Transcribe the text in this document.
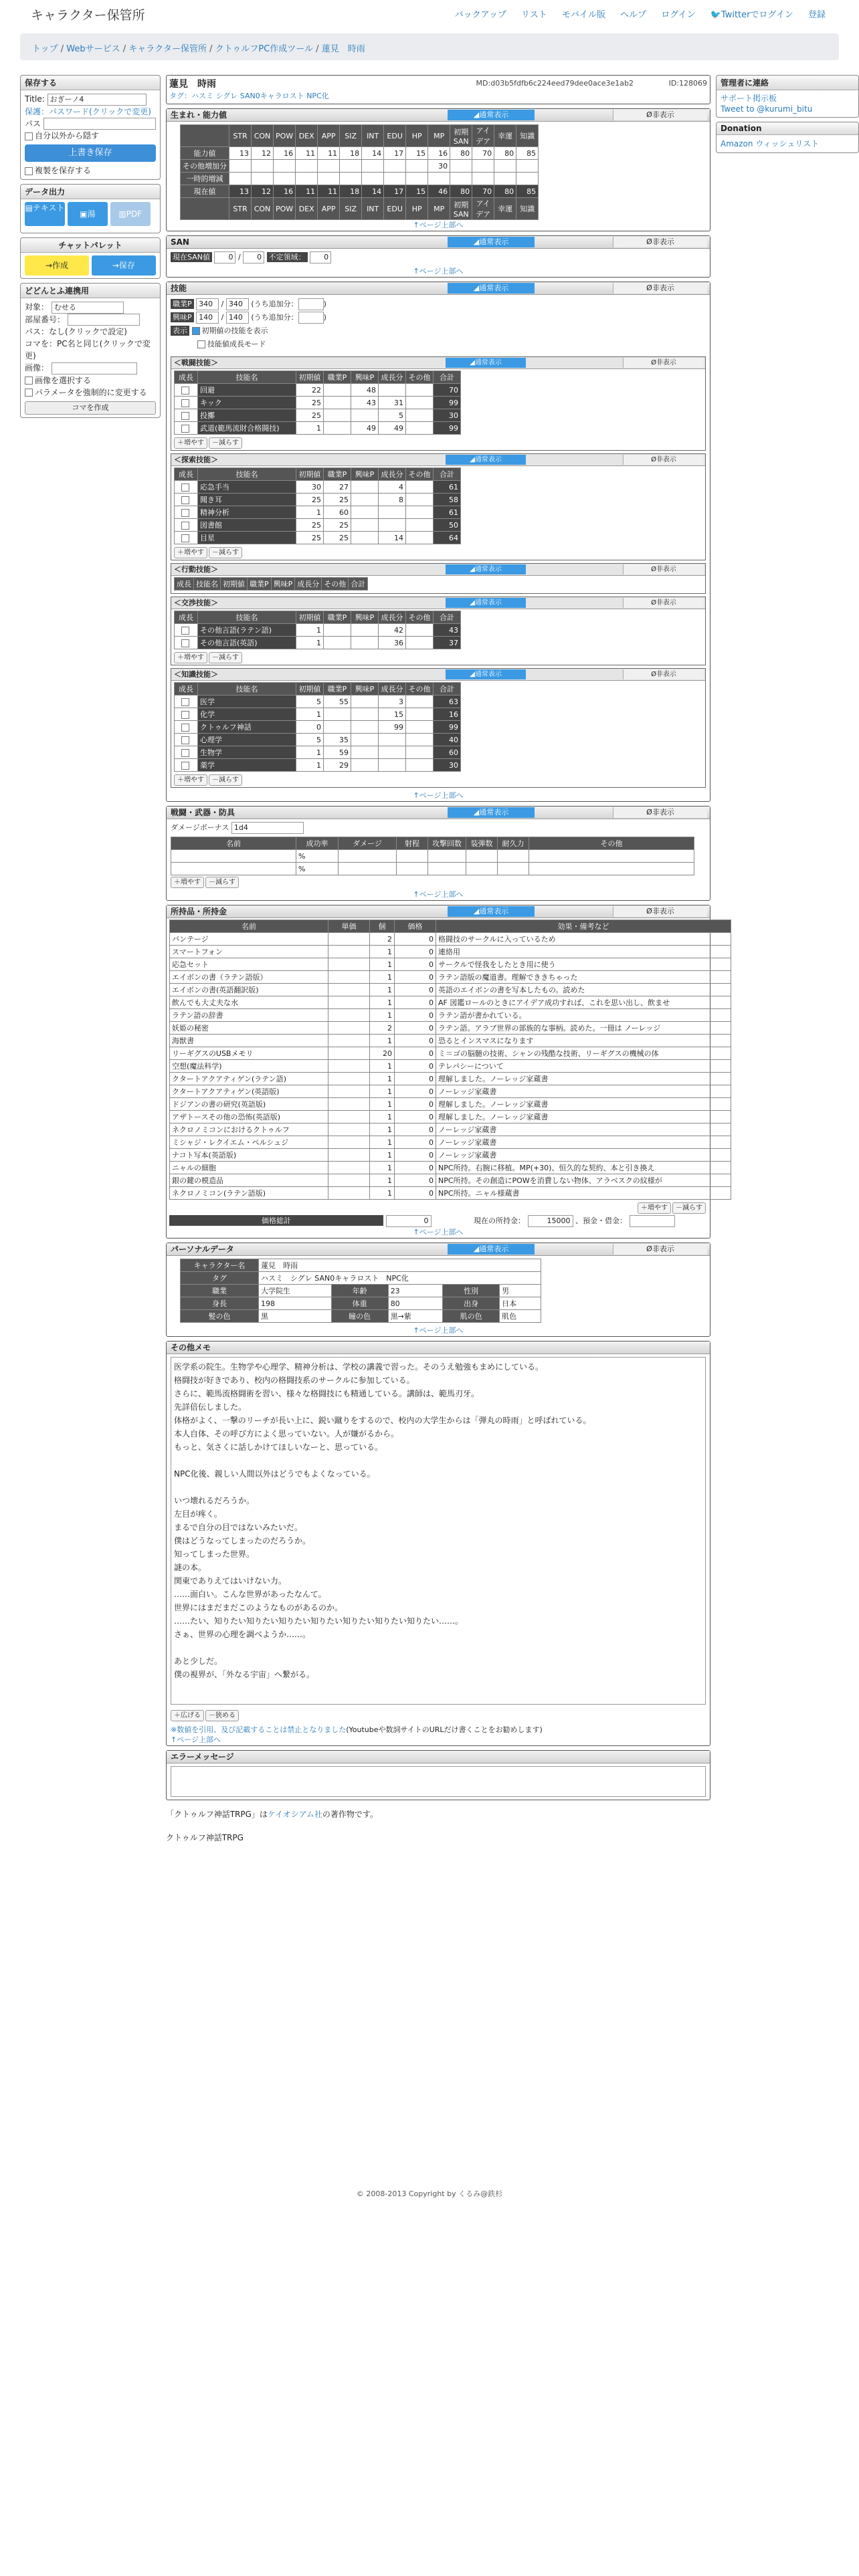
キャラクター保管所	バックアップ リスト モバイル版 ヘルプ ログイン 🐦Twitterでログイン 登録
トップ / Webサービス / キャラクター保管所 / クトゥルフPC作成ツール / 蓮見　時雨
保存する
Title: おぎーノ4
保護：パスワード(クリックで変更)
パス
自分以外から隠す
上書き保存
複製を保存する
データ出力
▤テキスト ▣湯	▥PDF
チャットパレット
→作成	→保存
どどんとふ連携用
対象： むせる
部屋番号：
パス：なし(クリックで設定)
コマを：PC名と同じ(クリックで変更)
画像：
画像を選択する
パラメータを強制的に変更する
コマを作成
管理者に連絡
サポート掲示板
Tweet to @kurumi_bitu
Donation
Amazon ウィッシュリスト
蓮見　時雨	MD:d03b5fdfb6c224eed79dee0ace3e1ab2	ID:128069
タグ：ハスミ シグレ SAN0キャラロスト NPC化
生まれ・能力値	◢通常表示	Ø非表示
	STR	CON	POW	DEX	APP	SIZ	INT	EDU	HP	MP	初期SAN	アイデア	幸運	知識
能力値	13	12	16	11	11	18	14	17	15	16	80	70	80	85
その他増加分										30				
一時的増減														
現在値	13	12	16	11	11	18	14	17	15	46	80	70	80	85
	STR	CON	POW	DEX	APP	SIZ	INT	EDU	HP	MP	初期SAN	アイデア	幸運	知識
↑ページ上部へ
SAN	◢通常表示	Ø非表示
現在SAN値	0 / 0 不定領域：	0
↑ページ上部へ
技能	◢通常表示	Ø非表示
職業P 340 / 340 (うち追加分：	)
興味P 140 / 140 (うち追加分：	)
表示 初期値の技能を表示
技能値成長モード
＜戦闘技能＞	◢通常表示	Ø非表示
成長	技能名	初期値	職業P	興味P	成長分	その他	合計
	回避	22		48			70
	キック	25		43	31		99
	投擲	25			5		30
	武道(範馬流財合格闘技)	1		49	49		99
＋増やす －減らす
＜探索技能＞	◢通常表示	Ø非表示
成長	技能名	初期値	職業P	興味P	成長分	その他	合計
	応急手当	30	27		4		61
	聞き耳	25	25		8		58
	精神分析	1	60				61
	図書館	25	25				50
	目星	25	25		14		64
＋増やす －減らす
＜行動技能＞	◢通常表示	Ø非表示
成長	技能名	初期値	職業P	興味P	成長分	その他	合計
＜交渉技能＞	◢通常表示	Ø非表示
成長	技能名	初期値	職業P	興味P	成長分	その他	合計
	その他言語(ラテン語)	1			42		43
	その他言語(英語)	1			36		37
＋増やす －減らす
＜知識技能＞	◢通常表示	Ø非表示
成長	技能名	初期値	職業P	興味P	成長分	その他	合計
	医学	5	55		3		63
	化学	1			15		16
	クトゥルフ神話	0			99		99
	心理学	5	35				40
	生物学	1	59				60
	薬学	1	29				30
＋増やす －減らす
↑ページ上部へ
戦闘・武器・防具	◢通常表示	Ø非表示
ダメージボーナス 1d4
名前	成功率	ダメージ	射程	攻撃回数	装弾数	耐久力	その他
	%						
	%						
＋増やす －減らす
↑ページ上部へ
所持品・所持金	◢通常表示	Ø非表示
名前	単価	個	価格	効果・備考など
バンテージ		2	0	格闘技のサークルに入っているため
スマートフォン		1	0	連絡用
応急セット		1	0	サークルで怪我をしたとき用に使う
エイボンの書（ラテン語版）		1	0	ラテン語版の魔道書。理解でききちゃった
エイボンの書(英語翻訳版)		1	0	英語のエイボンの書を写本したもの。読めた
飲んでも大丈夫な水		1	0	AF 図鑑ロールのときにアイデア成功すれば、これを思い出し、飲ませ
ラテン語の辞書		1	0	ラテン語が書かれている。
妖姫の秘密		2	0	ラテン語。アラブ世界の部族的な事柄。読めた。一冊は ノーレッジ
海獣書		1	0	恐るとインスマスになります
リーギグスのUSBメモリ		20	0	ミ＝ゴの脳髄の技術、シャンの残酷な技術、リーギグスの機械の体
空想(魔法科学)		1	0	テレパシーについて
クタートアクアティゲン(ラテン語)		1	0	理解しました。ノーレッジ家蔵書
クタートアクアティゲン(英語版)		1	0	ノーレッジ家蔵書
ドジアンの書の研究(英語版)		1	0	理解しました。ノーレッジ家蔵書
アザトースその他の恐怖(英語版)		1	0	理解しました。ノーレッジ家蔵書
ネクロノミコンにおけるクトゥルフ		1	0	ノーレッジ家蔵書
ミシャジ・レクイエム・ペルシュジ		1	0	ノーレッジ家蔵書
ナコト写本(英語版)		1	0	ノーレッジ家蔵書
ニャルの細胞		1	0	NPC所持。右腕に移植。MP(+30)、恒久的な契約、本と引き換え
銀の鍵の模造品		1	0	NPC所持。その創造にPOWを消費しない物体、アラベスクの紋様が
ネクロノミコン(ラテン語版)		1	0	NPC所持。ニャル様蔵書
＋増やす －減らす
価格総計	0	現在の所持金：	15000 、預金・借金：
↑ページ上部へ
パーソナルデータ	◢通常表示	Ø非表示
キャラクター名	蓮見　時雨				
タグ	ハスミ　シグレ SAN0キャラロスト　NPC化				
職業	大学院生	年齢	23	性別	男
身長	198	体重	80	出身	日本
髪の色	黒	瞳の色	黒→紫	肌の色	肌色
↑ページ上部へ
その他メモ
医学系の院生。生物学や心理学、精神分析は、学校の講義で習った。そのうえ勉強もまめにしている。
格闘技が好きであり、校内の格闘技系のサークルに参加している。
さらに、範馬流格闘術を習い、様々な格闘技にも精通している。講師は、範馬刃牙。
先詳倍伝しました。
体格がよく、一撃のリーチが長い上に、鋭い蹴りをするので、校内の大学生からは「弾丸の時雨」と呼ばれている。
本人自体、その呼び方によく思っていない。人が嫌がるから。
もっと、気さくに話しかけてほしいなーと、思っている。

NPC化後、親しい人間以外はどうでもよくなっている。

いつ壊れるだろうか。
左目が疼く。
まるで自分の目ではないみたいだ。
僕はどうなってしまったのだろうか。
知ってしまった世界。
謎の本。
関東でありえてはいけない力。
……面白い。こんな世界があったなんて。
世界にはまだまだこのようなものがあるのか。
……たい、知りたい知りたい知りたい知りたい知りたい知りたい知りたい……。
さぁ、世界の心理を調べようか……。

あと少しだ。
僕の視界が、「外なる宇宙」へ繋がる。
＋広げる －狭める
※数値を引用、及び記載することは禁止となりました(Youtubeや数詞サイトのURLだけ書くことをお勧めします)
↑ページ上部へ
エラーメッセージ
「クトゥルフ神話TRPG」はケイオシアム社の著作物です。
クトゥルフ神話TRPG
© 2008-2013 Copyright by くるみ@鉄杉
